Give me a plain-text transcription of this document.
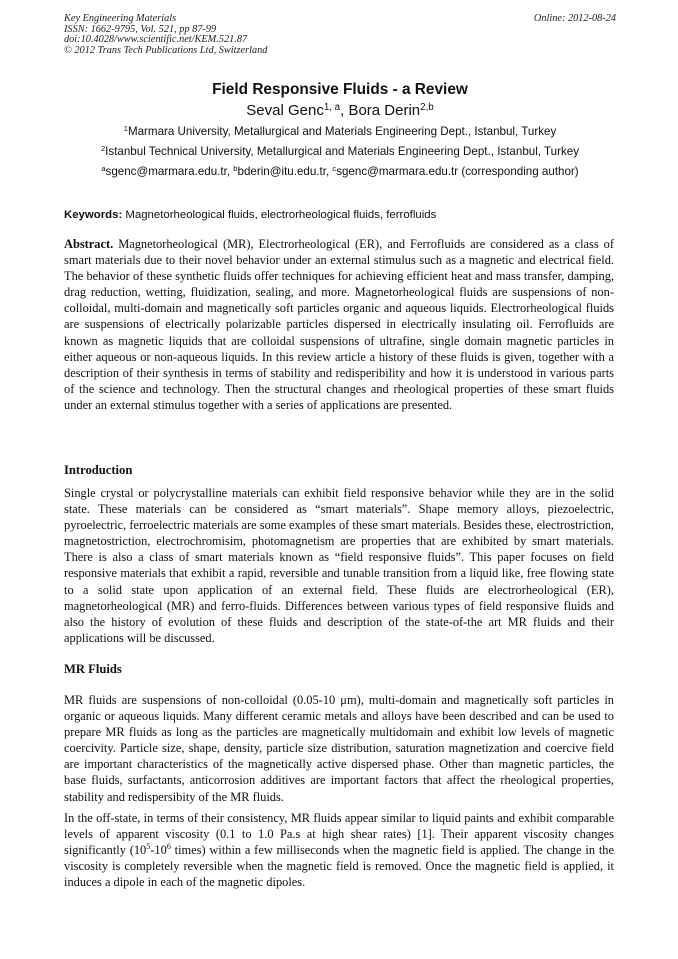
Key Engineering Materials
ISSN: 1662-9795, Vol. 521, pp 87-99
doi:10.4028/www.scientific.net/KEM.521.87
© 2012 Trans Tech Publications Ltd, Switzerland
Online: 2012-08-24

Field Responsive Fluids - a Review

Seval Genc$^{1, a}$, Bora Derin$^{2,b}$

$^1$Marmara University, Metallurgical and Materials Engineering Dept., Istanbul, Turkey

$^2$Istanbul Technical University, Metallurgical and Materials Engineering Dept., Istanbul, Turkey

$^a$sgenc@marmara.edu.tr, $^b$bderin@itu.edu.tr, $^c$sgenc@marmara.edu.tr (corresponding author)

Keywords: Magnetorheological fluids, electrorheological fluids, ferrofluids

Abstract. Magnetorheological (MR), Electrorheological (ER), and Ferrofluids are considered as a class of smart materials due to their novel behavior under an external stimulus such as a magnetic and electrical field. The behavior of these synthetic fluids offer techniques for achieving efficient heat and mass transfer, damping, drag reduction, wetting, fluidization, sealing, and more. Magnetorheological fluids are suspensions of non-colloidal, multi-domain and magnetically soft particles organic and aqueous liquids. Electrorheological fluids are suspensions of electrically polarizable particles dispersed in electrically insulating oil. Ferrofluids are known as magnetic liquids that are colloidal suspensions of ultrafine, single domain magnetic particles in either aqueous or non-aqueous liquids. In this review article a history of these fluids is given, together with a description of their synthesis in terms of stability and redisperibility and how it is understood in various parts of the science and technology. Then the structural changes and rheological properties of these smart fluids under an external stimulus together with a series of applications are presented.

Introduction

Single crystal or polycrystalline materials can exhibit field responsive behavior while they are in the solid state. These materials can be considered as “smart materials”. Shape memory alloys, piezoelectric, pyroelectric, ferroelectric materials are some examples of these smart materials. Besides these, electrostriction, magnetostriction, electrochromisim, photomagnetism are properties that are exhibited by smart materials. There is also a class of smart materials known as “field responsive fluids”. This paper focuses on field responsive materials that exhibit a rapid, reversible and tunable transition from a liquid like, free flowing state to a solid state upon application of an external field. These fluids are electrorheological (ER), magnetorheological (MR) and ferro-fluids. Differences between various types of field responsive fluids and also the history of evolution of these fluids and description of the state-of-the art MR fluids and their applications will be discussed.

MR Fluids

MR fluids are suspensions of non-colloidal (0.05-10 μm), multi-domain and magnetically soft particles in organic or aqueous liquids. Many different ceramic metals and alloys have been described and can be used to prepare MR fluids as long as the particles are magnetically multidomain and exhibit low levels of magnetic coercivity. Particle size, shape, density, particle size distribution, saturation magnetization and coercive field are important characteristics of the magnetically active dispersed phase. Other than magnetic particles, the base fluids, surfactants, anticorrosion additives are important factors that affect the rheological properties, stability and redispersibity of the MR fluids.

In the off-state, in terms of their consistency, MR fluids appear similar to liquid paints and exhibit comparable levels of apparent viscosity (0.1 to 1.0 Pa.s at high shear rates) [1]. Their apparent viscosity changes significantly ($10^5-10^6$ times) within a few milliseconds when the magnetic field is applied. The change in the viscosity is completely reversible when the magnetic field is removed. Once the magnetic field is applied, it induces a dipole in each of the magnetic dipoles.
